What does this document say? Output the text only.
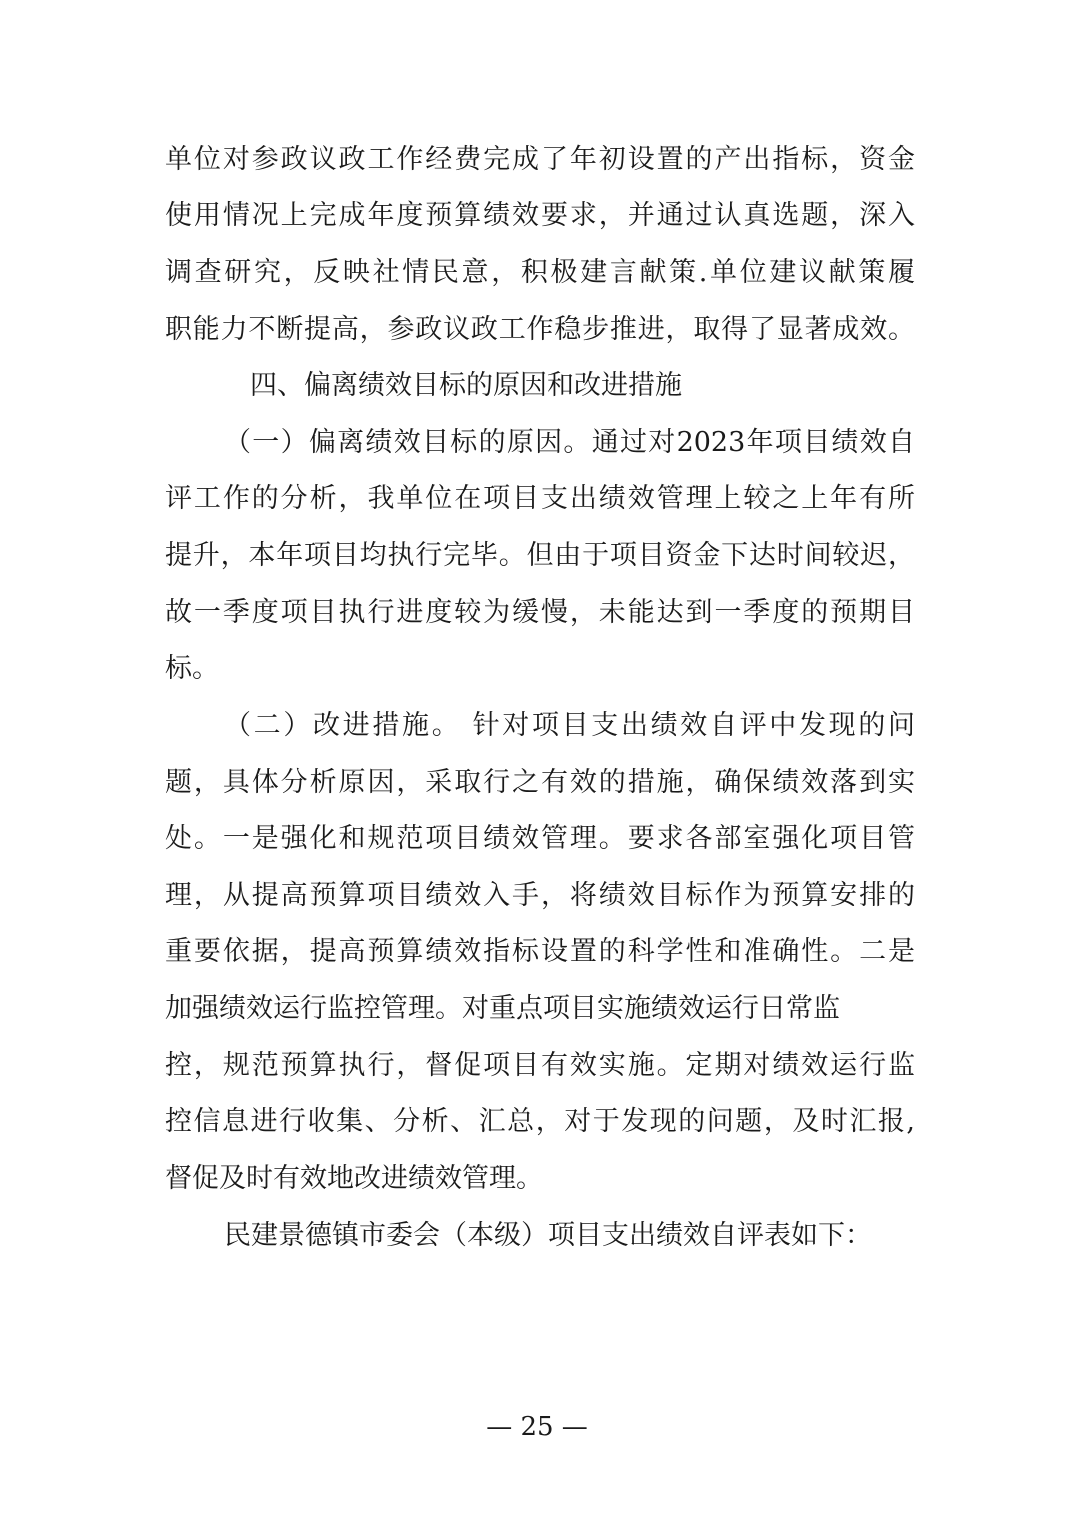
单位对参政议政工作经费完成了年初设置的产出指标，资金
使用情况上完成年度预算绩效要求，并通过认真选题，深入
调查研究，反映社情民意，积极建言献策.单位建议献策履
职能力不断提高，参政议政工作稳步推进，取得了显著成效。
四、偏离绩效目标的原因和改进措施
（一）偏离绩效目标的原因。通过对2023年项目绩效自
评工作的分析，我单位在项目支出绩效管理上较之上年有所
提升，本年项目均执行完毕。但由于项目资金下达时间较迟，
故一季度项目执行进度较为缓慢，未能达到一季度的预期目
标。
（二）改进措施。 针对项目支出绩效自评中发现的问
题，具体分析原因，采取行之有效的措施，确保绩效落到实
处。一是强化和规范项目绩效管理。要求各部室强化项目管
理，从提高预算项目绩效入手，将绩效目标作为预算安排的
重要依据，提高预算绩效指标设置的科学性和准确性。二是
加强绩效运行监控管理。对重点项目实施绩效运行日常监
控，规范预算执行，督促项目有效实施。定期对绩效运行监
控信息进行收集、分析、汇总，对于发现的问题，及时汇报,
督促及时有效地改进绩效管理。
民建景德镇市委会（本级）项目支出绩效自评表如下：
— 25 —
